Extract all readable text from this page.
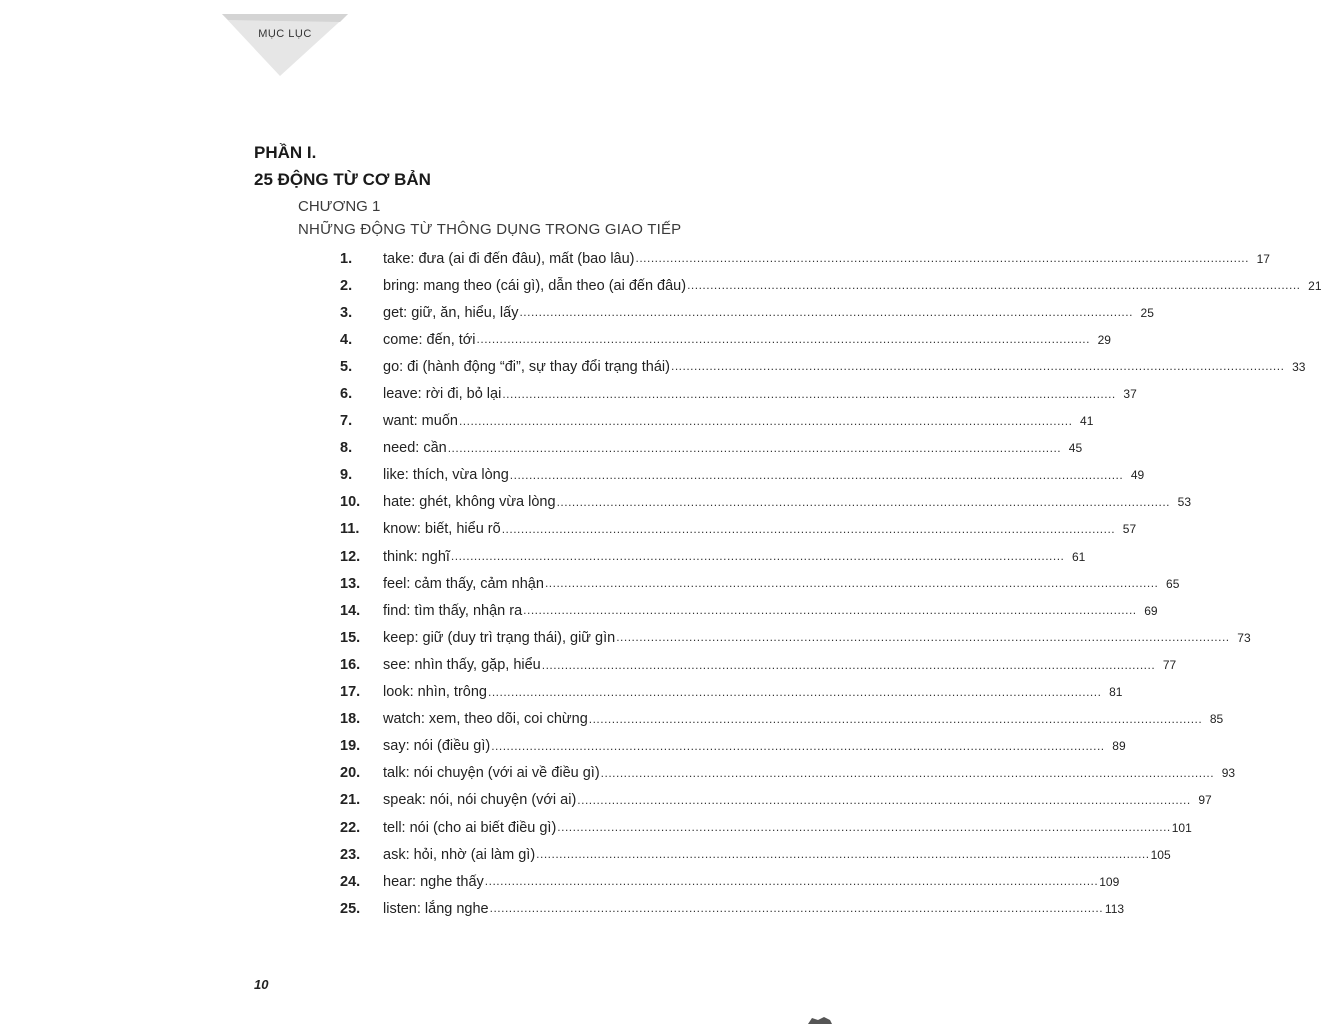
MỤC LỤC
PHẦN I.
25 ĐỘNG TỪ CƠ BẢN
CHƯƠNG 1
NHỮNG ĐỘNG TỪ THÔNG DỤNG TRONG GIAO TIẾP
1.	take: đưa (ai đi đến đâu), mất (bao lâu) ................................................................................................................................................................ 17
2.	bring: mang theo (cái gì), dẫn theo (ai đến đâu) ................................................................................................................................................................ 21
3.	get: giữ, ăn, hiểu, lấy ................................................................................................................................................................ 25
4.	come: đến, tới ................................................................................................................................................................ 29
5.	go: đi (hành động “đi”, sự thay đổi trạng thái) ................................................................................................................................................................ 33
6.	leave: rời đi, bỏ lại ................................................................................................................................................................ 37
7.	want: muốn ................................................................................................................................................................ 41
8.	need: cần ................................................................................................................................................................ 45
9.	like: thích, vừa lòng ................................................................................................................................................................ 49
10.	hate: ghét, không vừa lòng ................................................................................................................................................................ 53
11.	know: biết, hiểu rõ ................................................................................................................................................................ 57
12.	think: nghĩ ................................................................................................................................................................ 61
13.	feel: cảm thấy, cảm nhận ................................................................................................................................................................ 65
14.	find: tìm thấy, nhận ra ................................................................................................................................................................ 69
15.	keep: giữ (duy trì trạng thái), giữ gìn ................................................................................................................................................................ 73
16.	see: nhìn thấy, gặp, hiểu ................................................................................................................................................................ 77
17.	look: nhìn, trông ................................................................................................................................................................ 81
18.	watch: xem, theo dõi, coi chừng ................................................................................................................................................................ 85
19.	say: nói (điều gì) ................................................................................................................................................................ 89
20.	talk: nói chuyện (với ai về điều gì) ................................................................................................................................................................ 93
21.	speak: nói, nói chuyện (với ai) ................................................................................................................................................................ 97
22.	tell: nói (cho ai biết điều gì) ................................................................................................................................................................ 101
23.	ask: hỏi, nhờ (ai làm gì) ................................................................................................................................................................ 105
24.	hear: nghe thấy ................................................................................................................................................................ 109
25.	listen: lắng nghe ................................................................................................................................................................ 113
10
